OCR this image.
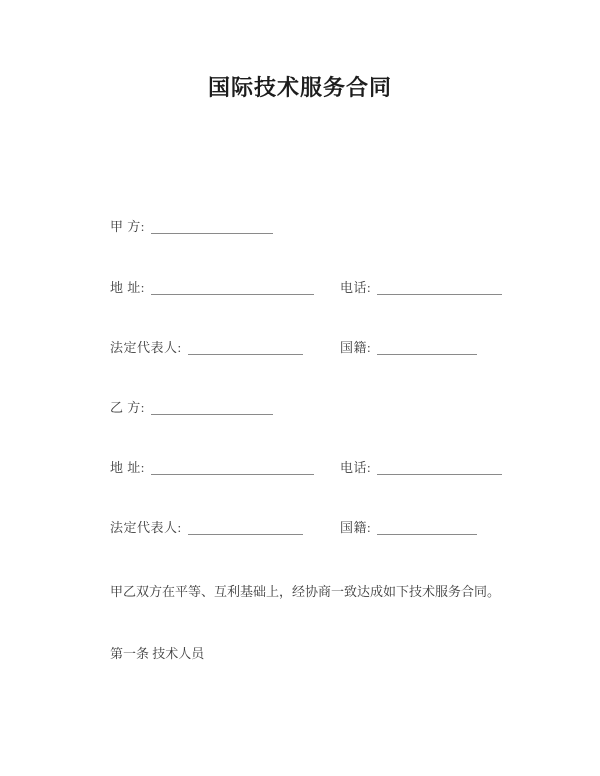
国际技术服务合同
甲 方:
地 址:	电话:
法定代表人:	国籍:
乙 方:
地 址:	电话:
法定代表人:	国籍:
甲乙双方在平等、互利基础上，经协商一致达成如下技术服务合同。
第一条 技术人员
